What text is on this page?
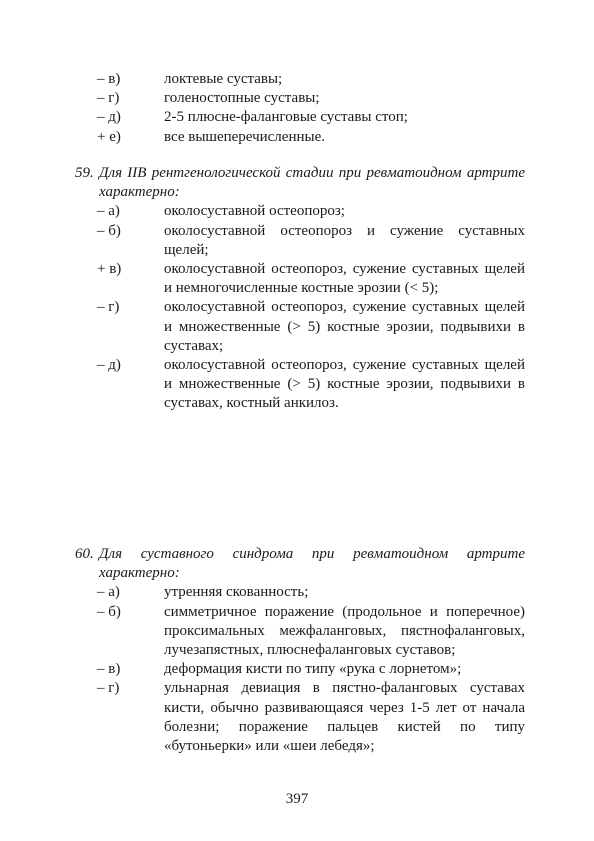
– в)	локтевые суставы;
– г)	голеностопные суставы;
– д)	2-5 плюсне-фаланговые суставы стоп;
+ е)	все вышеперечисленные.
59. Для IIВ рентгенологической стадии при ревматоидном артрите характерно:
– а)	околосуставной остеопороз;
– б)	околосуставной остеопороз и сужение суставных щелей;
+ в)	околосуставной остеопороз, сужение суставных щелей и немногочисленные костные эрозии (< 5);
– г)	околосуставной остеопороз, сужение суставных щелей и множественные (> 5) костные эрозии, подвывихи в суставах;
– д)	околосуставной остеопороз, сужение суставных щелей и множественные (> 5) костные эрозии, подвывихи в суставах, костный анкилоз.
60. Для суставного синдрома при ревматоидном артрите характерно:
– а)	утренняя скованность;
– б)	симметричное поражение (продольное и поперечное) проксимальных межфаланговых, пястнофаланговых, лучезапястных, плюснефаланговых суставов;
– в)	деформация кисти по типу «рука с лорнетом»;
– г)	ульнарная девиация в пястно-фаланговых суставах кисти, обычно развивающаяся через 1-5 лет от начала болезни; поражение пальцев кистей по типу «бутоньерки» или «шеи лебедя»;
397
